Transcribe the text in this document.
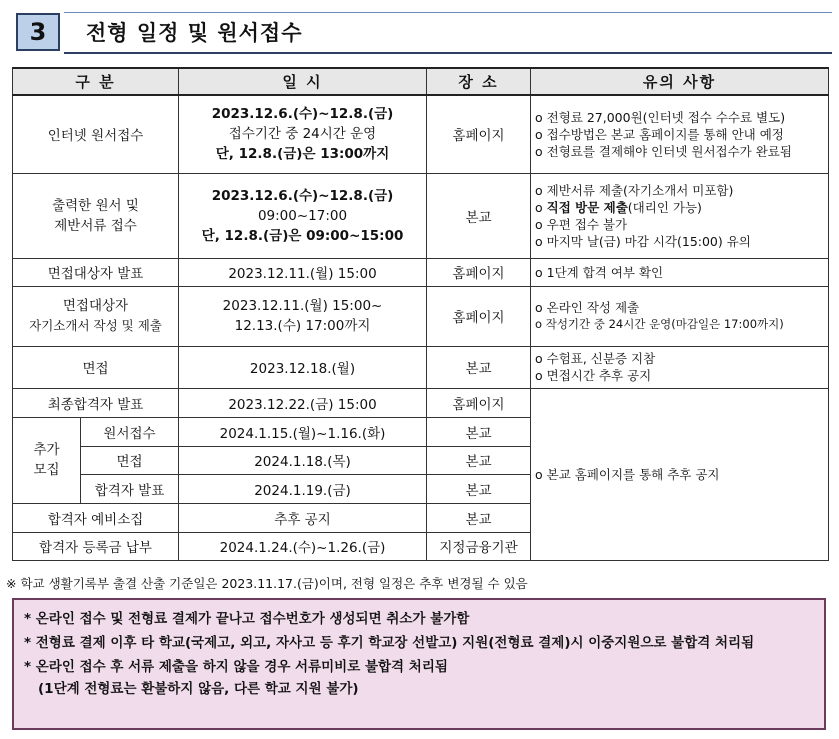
3	전형 일정 및 원서접수
구 분		일 시	장 소	유의 사항
인터넷 원서접수		2023.12.6.(수)~12.8.(금)
접수기간 중 24시간 운영
단, 12.8.(금)은 13:00까지	홈페이지	o 전형료 27,000원(인터넷 접수 수수료 별도)
o 접수방법은 본교 홈페이지를 통해 안내 예정
o 전형료를 결제해야 인터넷 원서접수가 완료됨

출력한 원서 및
제반서류 접수		2023.12.6.(수)~12.8.(금)
09:00~17:00
단, 12.8.(금)은 09:00~15:00	본교	o 제반서류 제출(자기소개서 미포함)
o 직접 방문 제출(대리인 가능)
o 우편 접수 불가
o 마지막 날(금) 마감 시각(15:00) 유의

면접대상자 발표		2023.12.11.(월) 15:00	홈페이지	o 1단계 합격 여부 확인

면접대상자
자기소개서 작성 및 제출		2023.12.11.(월) 15:00~
12.13.(수) 17:00까지	홈페이지	o 온라인 작성 제출
o 작성기간 중 24시간 운영(마감일은 17:00까지)

면접		2023.12.18.(월)	본교	o 수험표, 신분증 지참
o 면접시간 추후 공지

최종합격자 발표		2023.12.22.(금) 15:00	홈페이지	o 본교 홈페이지를 통해 추후 공지

추가
모집	원서접수	2024.1.15.(월)~1.16.(화)	본교	
	면접	2024.1.18.(목)	본교	
	합격자 발표	2024.1.19.(금)	본교	
합격자 예비소집		추후 공지	본교	
합격자 등록금 납부		2024.1.24.(수)~1.26.(금)	지정금융기관	
※ 학교 생활기록부 출결 산출 기준일은 2023.11.17.(금)이며, 전형 일정은 추후 변경될 수 있음

* 온라인 접수 및 전형료 결제가 끝나고 접수번호가 생성되면 취소가 불가함

* 전형료 결제 이후 타 학교(국제고, 외고, 자사고 등 후기 학교장 선발고) 지원(전형료 결제)시 이중지원으로 불합격 처리됨

* 온라인 접수 후 서류 제출을 하지 않을 경우 서류미비로 불합격 처리됨
(1단계 전형료는 환불하지 않음, 다른 학교 지원 불가)
